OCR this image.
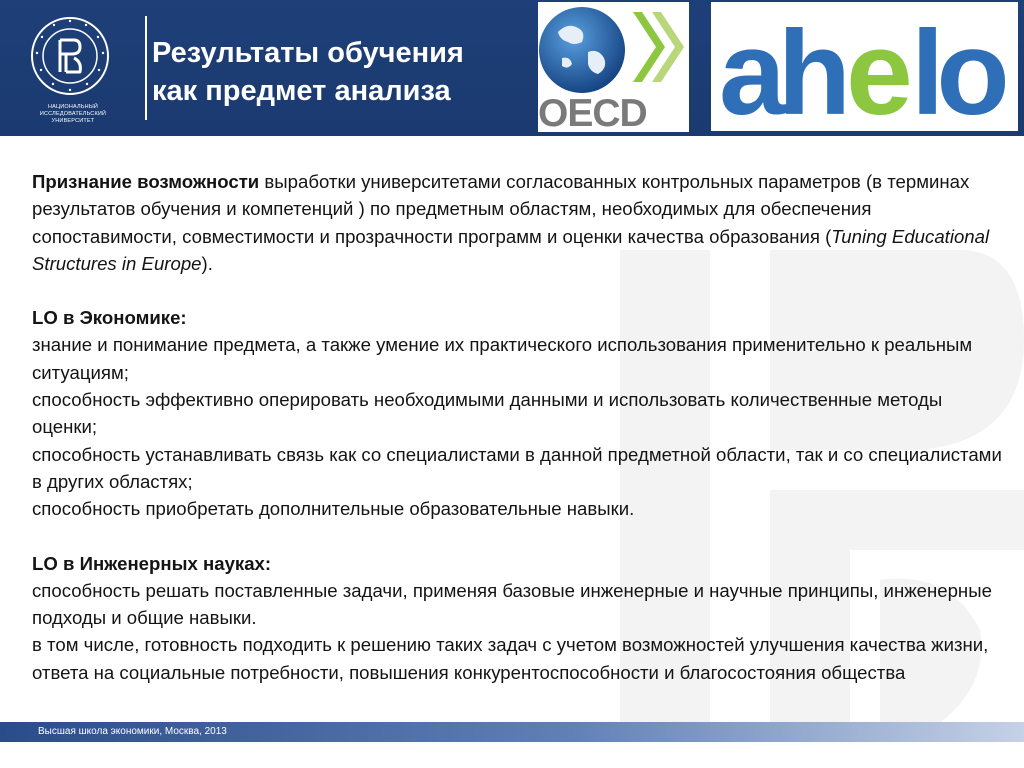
НАЦИОНАЛЬНЫЙ ИССЛЕДОВАТЕЛЬСКИЙ УНИВЕРСИТЕТ
Результаты обучения
как предмет анализа
OECD ah e lo

Признание возможности выработки университетами согласованных контрольных параметров (в терминах результатов обучения и компетенций ) по предметным областям, необходимых для обеспечения сопоставимости, совместимости и прозрачности программ и оценки качества образования (Tuning Educational Structures in Europe).

LO в Экономике:

знание и понимание предмета, а также умение их практического использования применительно к реальным ситуациям;

способность эффективно оперировать необходимыми данными и использовать количественные методы оценки;

способность устанавливать связь как со специалистами в данной предметной области, так и со специалистами в других областях;

способность приобретать дополнительные образовательные навыки.

LO в Инженерных науках:

способность решать поставленные задачи, применяя базовые инженерные и научные принципы, инженерные подходы и общие навыки.

в том числе, готовность подходить к решению таких задач с учетом возможностей улучшения качества жизни, ответа на социальные потребности, повышения конкурентоспособности и благосостояния общества

Высшая школа экономики, Москва, 2013
